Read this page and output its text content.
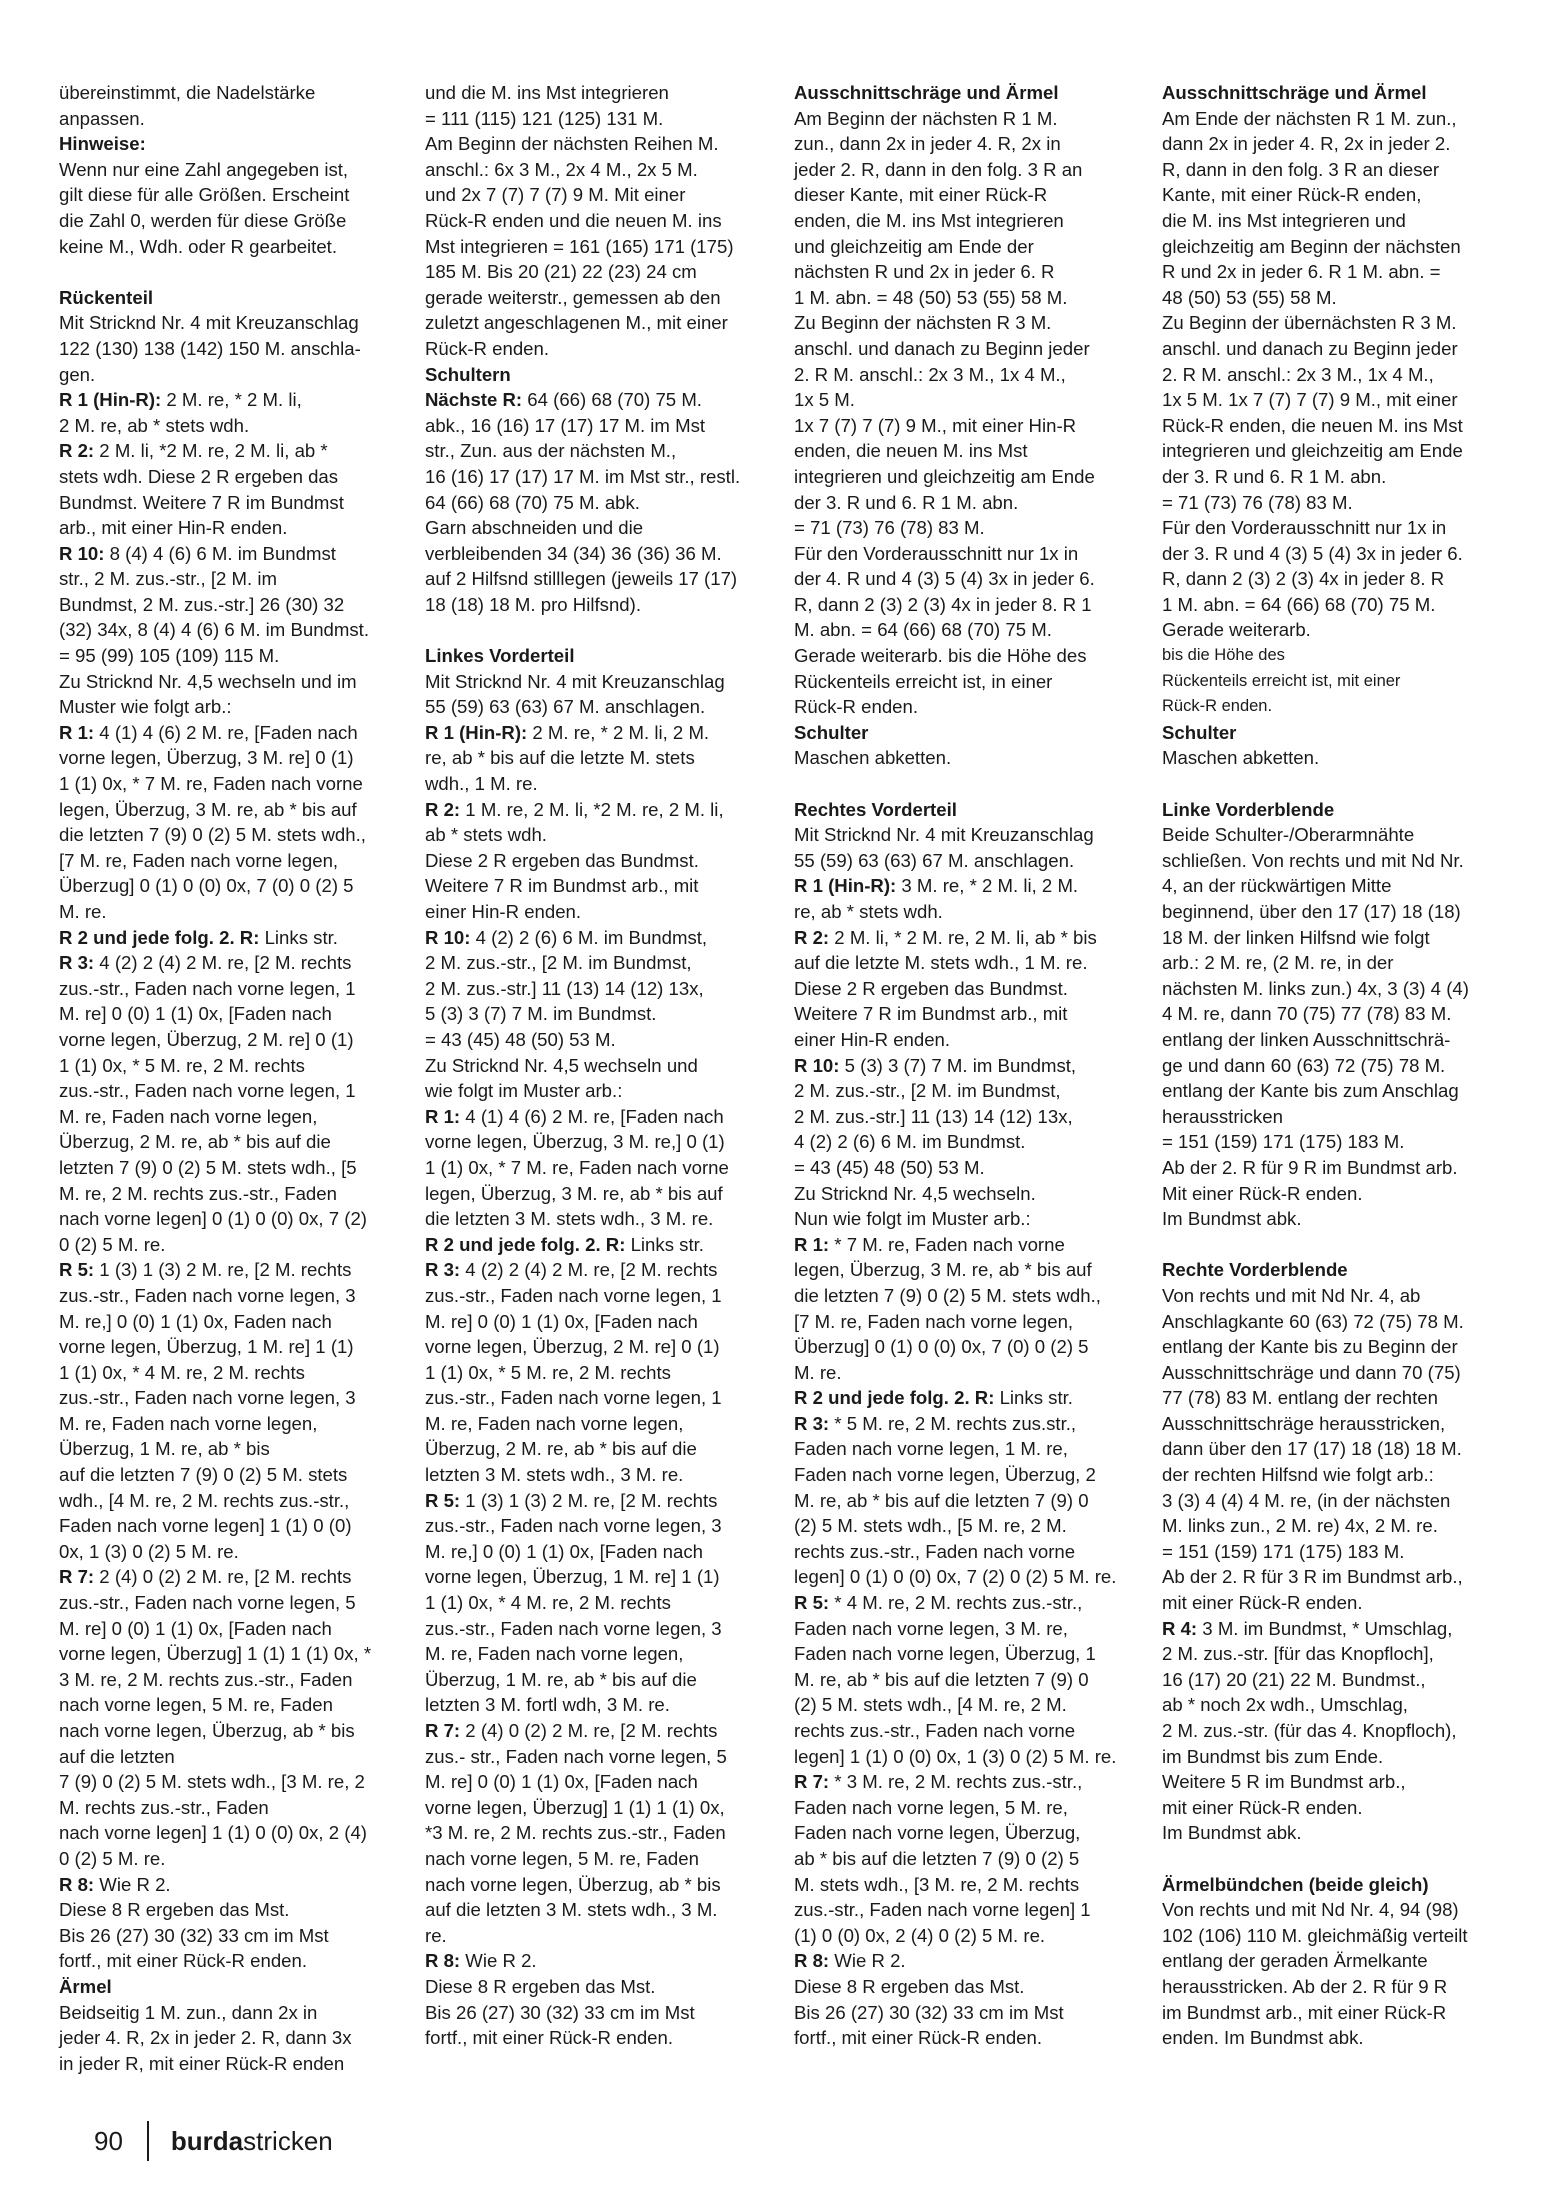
übereinstimmt, die Nadelstärke
anpassen.
Hinweise:
Wenn nur eine Zahl angegeben ist,
gilt diese für alle Größen. Erscheint
die Zahl 0, werden für diese Größe
keine M., Wdh. oder R gearbeitet.
Rückenteil
Mit Stricknd Nr. 4 mit Kreuzanschlag
122 (130) 138 (142) 150 M. anschla-
gen.
R 1 (Hin-R): 2 M. re, * 2 M. li,
2 M. re, ab * stets wdh.
R 2: 2 M. li, *2 M. re, 2 M. li, ab *
stets wdh. Diese 2 R ergeben das
Bundmst. Weitere 7 R im Bundmst
arb., mit einer Hin-R enden.
R 10: 8 (4) 4 (6) 6 M. im Bundmst
str., 2 M. zus.-str., [2 M. im
Bundmst, 2 M. zus.-str.] 26 (30) 32
(32) 34x, 8 (4) 4 (6) 6 M. im Bundmst.
= 95 (99) 105 (109) 115 M.
Zu Stricknd Nr. 4,5 wechseln und im
Muster wie folgt arb.:
R 1: 4 (1) 4 (6) 2 M. re, [Faden nach
vorne legen, Überzug, 3 M. re] 0 (1)
1 (1) 0x, * 7 M. re, Faden nach vorne
legen, Überzug, 3 M. re, ab * bis auf
die letzten 7 (9) 0 (2) 5 M. stets wdh.,
[7 M. re, Faden nach vorne legen,
Überzug] 0 (1) 0 (0) 0x, 7 (0) 0 (2) 5
M. re.
R 2 und jede folg. 2. R: Links str.
R 3: 4 (2) 2 (4) 2 M. re, [2 M. rechts
zus.-str., Faden nach vorne legen, 1
M. re] 0 (0) 1 (1) 0x, [Faden nach
vorne legen, Überzug, 2 M. re] 0 (1)
1 (1) 0x, * 5 M. re, 2 M. rechts
zus.-str., Faden nach vorne legen, 1
M. re, Faden nach vorne legen,
Überzug, 2 M. re, ab * bis auf die
letzten 7 (9) 0 (2) 5 M. stets wdh., [5
M. re, 2 M. rechts zus.-str., Faden
nach vorne legen] 0 (1) 0 (0) 0x, 7 (2)
0 (2) 5 M. re.
R 5: 1 (3) 1 (3) 2 M. re, [2 M. rechts
zus.-str., Faden nach vorne legen, 3
M. re,] 0 (0) 1 (1) 0x, Faden nach
vorne legen, Überzug, 1 M. re] 1 (1)
1 (1) 0x, * 4 M. re, 2 M. rechts
zus.-str., Faden nach vorne legen, 3
M. re, Faden nach vorne legen,
Überzug, 1 M. re, ab * bis
auf die letzten 7 (9) 0 (2) 5 M. stets
wdh., [4 M. re, 2 M. rechts zus.-str.,
Faden nach vorne legen] 1 (1) 0 (0)
0x, 1 (3) 0 (2) 5 M. re.
R 7: 2 (4) 0 (2) 2 M. re, [2 M. rechts
zus.-str., Faden nach vorne legen, 5
M. re] 0 (0) 1 (1) 0x, [Faden nach
vorne legen, Überzug] 1 (1) 1 (1) 0x, *
3 M. re, 2 M. rechts zus.-str., Faden
nach vorne legen, 5 M. re, Faden
nach vorne legen, Überzug, ab * bis
auf die letzten
7 (9) 0 (2) 5 M. stets wdh., [3 M. re, 2
M. rechts zus.-str., Faden
nach vorne legen] 1 (1) 0 (0) 0x, 2 (4)
0 (2) 5 M. re.
R 8: Wie R 2.
Diese 8 R ergeben das Mst.
Bis 26 (27) 30 (32) 33 cm im Mst
fortf., mit einer Rück-R enden.
Ärmel
Beidseitig 1 M. zun., dann 2x in
jeder 4. R, 2x in jeder 2. R, dann 3x
in jeder R, mit einer Rück-R enden
und die M. ins Mst integrieren
= 111 (115) 121 (125) 131 M.
Am Beginn der nächsten Reihen M.
anschl.: 6x 3 M., 2x 4 M., 2x 5 M.
und 2x 7 (7) 7 (7) 9 M. Mit einer
Rück-R enden und die neuen M. ins
Mst integrieren = 161 (165) 171 (175)
185 M. Bis 20 (21) 22 (23) 24 cm
gerade weiterstr., gemessen ab den
zuletzt angeschlagenen M., mit einer
Rück-R enden.
Schultern
Nächste R: 64 (66) 68 (70) 75 M.
abk., 16 (16) 17 (17) 17 M. im Mst
str., Zun. aus der nächsten M.,
16 (16) 17 (17) 17 M. im Mst str., restl.
64 (66) 68 (70) 75 M. abk.
Garn abschneiden und die
verbleibenden 34 (34) 36 (36) 36 M.
auf 2 Hilfsnd stilllegen (jeweils 17 (17)
18 (18) 18 M. pro Hilfsnd).
Linkes Vorderteil
Mit Stricknd Nr. 4 mit Kreuzanschlag
55 (59) 63 (63) 67 M. anschlagen.
R 1 (Hin-R): 2 M. re, * 2 M. li, 2 M.
re, ab * bis auf die letzte M. stets
wdh., 1 M. re.
R 2: 1 M. re, 2 M. li, *2 M. re, 2 M. li,
ab * stets wdh.
Diese 2 R ergeben das Bundmst.
Weitere 7 R im Bundmst arb., mit
einer Hin-R enden.
R 10: 4 (2) 2 (6) 6 M. im Bundmst,
2 M. zus.-str., [2 M. im Bundmst,
2 M. zus.-str.] 11 (13) 14 (12) 13x,
5 (3) 3 (7) 7 M. im Bundmst.
= 43 (45) 48 (50) 53 M.
Zu Stricknd Nr. 4,5 wechseln und
wie folgt im Muster arb.:
R 1: 4 (1) 4 (6) 2 M. re, [Faden nach
vorne legen, Überzug, 3 M. re,] 0 (1)
1 (1) 0x, * 7 M. re, Faden nach vorne
legen, Überzug, 3 M. re, ab * bis auf
die letzten 3 M. stets wdh., 3 M. re.
R 2 und jede folg. 2. R: Links str.
R 3: 4 (2) 2 (4) 2 M. re, [2 M. rechts
zus.-str., Faden nach vorne legen, 1
M. re] 0 (0) 1 (1) 0x, [Faden nach
vorne legen, Überzug, 2 M. re] 0 (1)
1 (1) 0x, * 5 M. re, 2 M. rechts
zus.-str., Faden nach vorne legen, 1
M. re, Faden nach vorne legen,
Überzug, 2 M. re, ab * bis auf die
letzten 3 M. stets wdh., 3 M. re.
R 5: 1 (3) 1 (3) 2 M. re, [2 M. rechts
zus.-str., Faden nach vorne legen, 3
M. re,] 0 (0) 1 (1) 0x, [Faden nach
vorne legen, Überzug, 1 M. re] 1 (1)
1 (1) 0x, * 4 M. re, 2 M. rechts
zus.-str., Faden nach vorne legen, 3
M. re, Faden nach vorne legen,
Überzug, 1 M. re, ab * bis auf die
letzten 3 M. fortl wdh, 3 M. re.
R 7: 2 (4) 0 (2) 2 M. re, [2 M. rechts
zus.- str., Faden nach vorne legen, 5
M. re] 0 (0) 1 (1) 0x, [Faden nach
vorne legen, Überzug] 1 (1) 1 (1) 0x,
*3 M. re, 2 M. rechts zus.-str., Faden
nach vorne legen, 5 M. re, Faden
nach vorne legen, Überzug, ab * bis
auf die letzten 3 M. stets wdh., 3 M.
re.
R 8: Wie R 2.
Diese 8 R ergeben das Mst.
Bis 26 (27) 30 (32) 33 cm im Mst
fortf., mit einer Rück-R enden.
Ausschnittschräge und Ärmel
Am Beginn der nächsten R 1 M.
zun., dann 2x in jeder 4. R, 2x in
jeder 2. R, dann in den folg. 3 R an
dieser Kante, mit einer Rück-R
enden, die M. ins Mst integrieren
und gleichzeitig am Ende der
nächsten R und 2x in jeder 6. R
1 M. abn. = 48 (50) 53 (55) 58 M.
Zu Beginn der nächsten R 3 M.
anschl. und danach zu Beginn jeder
2. R M. anschl.: 2x 3 M., 1x 4 M.,
1x 5 M.
1x 7 (7) 7 (7) 9 M., mit einer Hin-R
enden, die neuen M. ins Mst
integrieren und gleichzeitig am Ende
der 3. R und 6. R 1 M. abn.
= 71 (73) 76 (78) 83 M.
Für den Vorderausschnitt nur 1x in
der 4. R und 4 (3) 5 (4) 3x in jeder 6.
R, dann 2 (3) 2 (3) 4x in jeder 8. R 1
M. abn. = 64 (66) 68 (70) 75 M.
Gerade weiterarb. bis die Höhe des
Rückenteils erreicht ist, in einer
Rück-R enden.
Schulter
Maschen abketten.
Rechtes Vorderteil
Mit Stricknd Nr. 4 mit Kreuzanschlag
55 (59) 63 (63) 67 M. anschlagen.
R 1 (Hin-R): 3 M. re, * 2 M. li, 2 M.
re, ab * stets wdh.
R 2: 2 M. li, * 2 M. re, 2 M. li, ab * bis
auf die letzte M. stets wdh., 1 M. re.
Diese 2 R ergeben das Bundmst.
Weitere 7 R im Bundmst arb., mit
einer Hin-R enden.
R 10: 5 (3) 3 (7) 7 M. im Bundmst,
2 M. zus.-str., [2 M. im Bundmst,
2 M. zus.-str.] 11 (13) 14 (12) 13x,
4 (2) 2 (6) 6 M. im Bundmst.
= 43 (45) 48 (50) 53 M.
Zu Stricknd Nr. 4,5 wechseln.
Nun wie folgt im Muster arb.:
R 1: * 7 M. re, Faden nach vorne
legen, Überzug, 3 M. re, ab * bis auf
die letzten 7 (9) 0 (2) 5 M. stets wdh.,
[7 M. re, Faden nach vorne legen,
Überzug] 0 (1) 0 (0) 0x, 7 (0) 0 (2) 5
M. re.
R 2 und jede folg. 2. R: Links str.
R 3: * 5 M. re, 2 M. rechts zus.str.,
Faden nach vorne legen, 1 M. re,
Faden nach vorne legen, Überzug, 2
M. re, ab * bis auf die letzten 7 (9) 0
(2) 5 M. stets wdh., [5 M. re, 2 M.
rechts zus.-str., Faden nach vorne
legen] 0 (1) 0 (0) 0x, 7 (2) 0 (2) 5 M. re.
R 5: * 4 M. re, 2 M. rechts zus.-str.,
Faden nach vorne legen, 3 M. re,
Faden nach vorne legen, Überzug, 1
M. re, ab * bis auf die letzten 7 (9) 0
(2) 5 M. stets wdh., [4 M. re, 2 M.
rechts zus.-str., Faden nach vorne
legen] 1 (1) 0 (0) 0x, 1 (3) 0 (2) 5 M. re.
R 7: * 3 M. re, 2 M. rechts zus.-str.,
Faden nach vorne legen, 5 M. re,
Faden nach vorne legen, Überzug,
ab * bis auf die letzten 7 (9) 0 (2) 5
M. stets wdh., [3 M. re, 2 M. rechts
zus.-str., Faden nach vorne legen] 1
(1) 0 (0) 0x, 2 (4) 0 (2) 5 M. re.
R 8: Wie R 2.
Diese 8 R ergeben das Mst.
Bis 26 (27) 30 (32) 33 cm im Mst
fortf., mit einer Rück-R enden.
Ausschnittschräge und Ärmel
Am Ende der nächsten R 1 M. zun.,
dann 2x in jeder 4. R, 2x in jeder 2.
R, dann in den folg. 3 R an dieser
Kante, mit einer Rück-R enden,
die M. ins Mst integrieren und
gleichzeitig am Beginn der nächsten
R und 2x in jeder 6. R 1 M. abn. =
48 (50) 53 (55) 58 M.
Zu Beginn der übernächsten R 3 M.
anschl. und danach zu Beginn jeder
2. R M. anschl.: 2x 3 M., 1x 4 M.,
1x 5 M. 1x 7 (7) 7 (7) 9 M., mit einer
Rück-R enden, die neuen M. ins Mst
integrieren und gleichzeitig am Ende
der 3. R und 6. R 1 M. abn.
= 71 (73) 76 (78) 83 M.
Für den Vorderausschnitt nur 1x in
der 3. R und 4 (3) 5 (4) 3x in jeder 6.
R, dann 2 (3) 2 (3) 4x in jeder 8. R
1 M. abn. = 64 (66) 68 (70) 75 M.
Gerade weiterarb.
bis die Höhe des
Rückenteils erreicht ist, mit einer
Rück-R enden.
Schulter
Maschen abketten.
Linke Vorderblende
Beide Schulter-/Oberarmnähte
schließen. Von rechts und mit Nd Nr.
4, an der rückwärtigen Mitte
beginnend, über den 17 (17) 18 (18)
18 M. der linken Hilfsnd wie folgt
arb.: 2 M. re, (2 M. re, in der
nächsten M. links zun.) 4x, 3 (3) 4 (4)
4 M. re, dann 70 (75) 77 (78) 83 M.
entlang der linken Ausschnittschrä-
ge und dann 60 (63) 72 (75) 78 M.
entlang der Kante bis zum Anschlag
herausstricken
= 151 (159) 171 (175) 183 M.
Ab der 2. R für 9 R im Bundmst arb.
Mit einer Rück-R enden.
Im Bundmst abk.
Rechte Vorderblende
Von rechts und mit Nd Nr. 4, ab
Anschlagkante 60 (63) 72 (75) 78 M.
entlang der Kante bis zu Beginn der
Ausschnittschräge und dann 70 (75)
77 (78) 83 M. entlang der rechten
Ausschnittschräge herausstricken,
dann über den 17 (17) 18 (18) 18 M.
der rechten Hilfsnd wie folgt arb.:
3 (3) 4 (4) 4 M. re, (in der nächsten
M. links zun., 2 M. re) 4x, 2 M. re.
= 151 (159) 171 (175) 183 M.
Ab der 2. R für 3 R im Bundmst arb.,
mit einer Rück-R enden.
R 4: 3 M. im Bundmst, * Umschlag,
2 M. zus.-str. [für das Knopfloch],
16 (17) 20 (21) 22 M. Bundmst.,
ab * noch 2x wdh., Umschlag,
2 M. zus.-str. (für das 4. Knopfloch),
im Bundmst bis zum Ende.
Weitere 5 R im Bundmst arb.,
mit einer Rück-R enden.
Im Bundmst abk.
Ärmelbündchen (beide gleich)
Von rechts und mit Nd Nr. 4, 94 (98)
102 (106) 110 M. gleichmäßig verteilt
entlang der geraden Ärmelkante
herausstricken. Ab der 2. R für 9 R
im Bundmst arb., mit einer Rück-R
enden. Im Bundmst abk.
90 burdastricken
